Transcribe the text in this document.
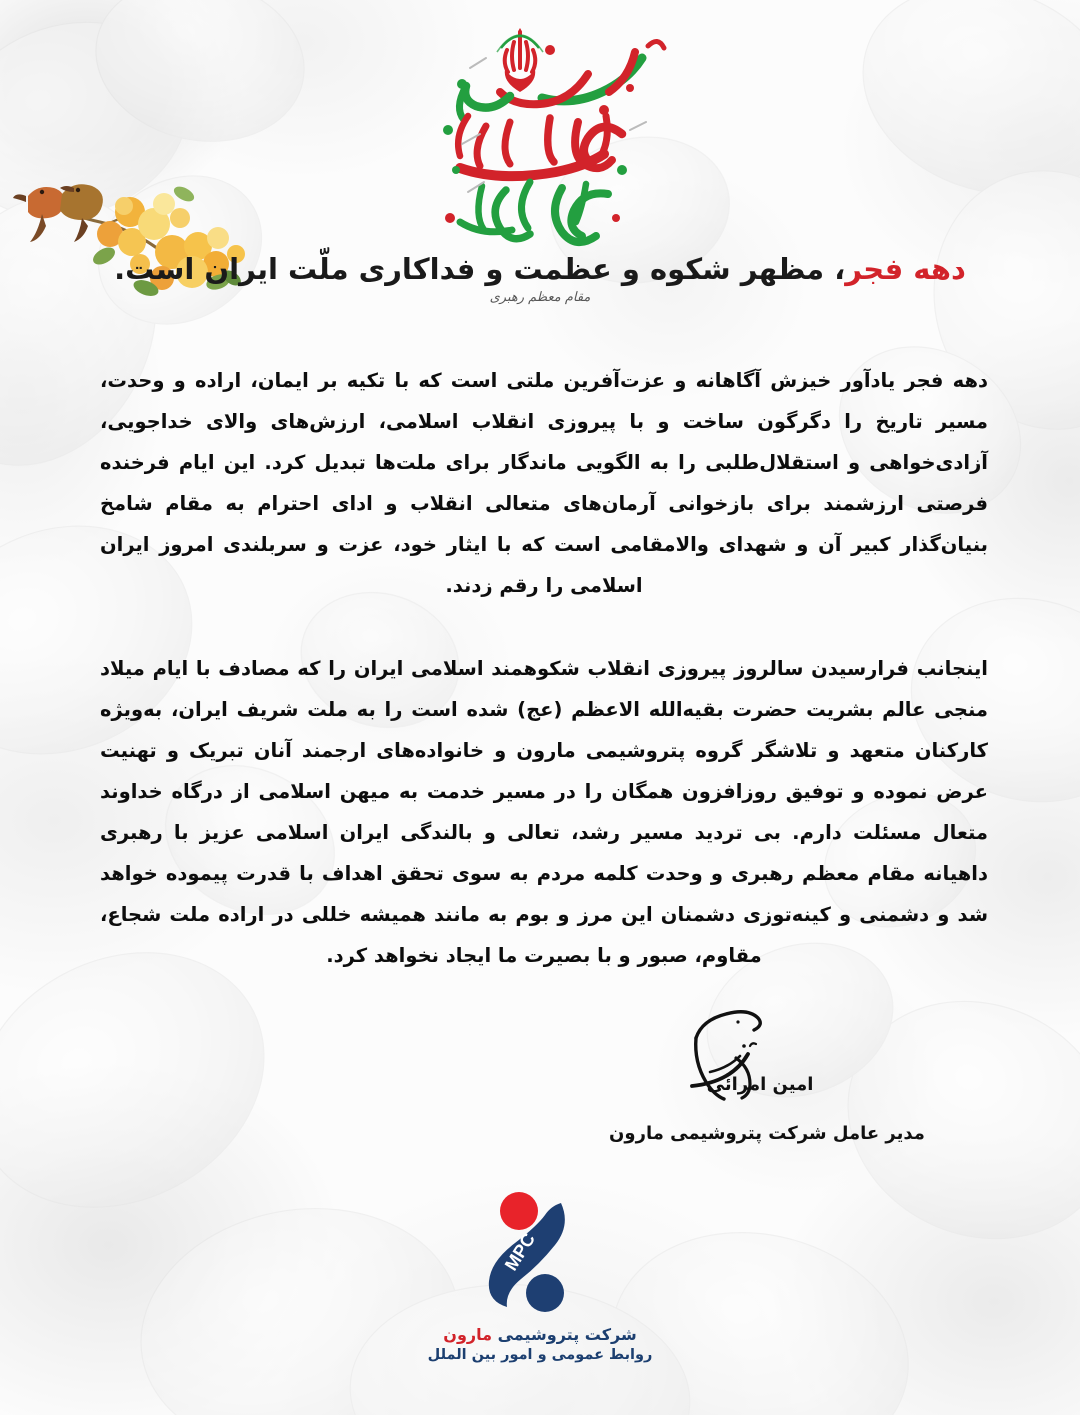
دهه فجر، مظهر شکوه و عظمت و فداکاری ملّت ایران است.
مقام معظم رهبری

دهه فجر یادآور خیزش آگاهانه و عزت‌آفرین ملتی است که با تکیه بر ایمان، اراده و وحدت، مسیر تاریخ را دگرگون ساخت و با پیروزی انقلاب اسلامی، ارزش‌های والای خداجویی، آزادی‌خواهی و استقلال‌طلبی را به الگویی ماندگار برای ملت‌ها تبدیل کرد. این ایام فرخنده فرصتی ارزشمند برای بازخوانی آرمان‌های متعالی انقلاب و ادای احترام به مقام شامخ بنیان‌گذار کبیر آن و شهدای والامقامی است که با ایثار خود، عزت و سربلندی امروز ایران اسلامی را رقم زدند.

اینجانب فرارسیدن سالروز پیروزی انقلاب شکوهمند اسلامی ایران را که مصادف با ایام میلاد منجی عالم بشریت حضرت بقیه‌الله الاعظم (عج) شده است را به ملت شریف ایران، به‌ویژه کارکنان متعهد و تلاشگر گروه پتروشیمی مارون و خانواده‌های ارجمند آنان تبریک و تهنیت عرض نموده و توفیق روزافزون همگان را در مسیر خدمت به میهن اسلامی از درگاه خداوند متعال مسئلت دارم. بی تردید مسیر رشد، تعالی و بالندگی ایران اسلامی عزیز با رهبری داهیانه مقام معظم رهبری و وحدت کلمه مردم به سوی تحقق اهداف با قدرت پیموده خواهد شد و دشمنی و کینه‌توزی دشمنان این مرز و بوم به مانند همیشه خللی در اراده ملت شجاع، مقاوم، صبور و با بصیرت ما ایجاد نخواهد کرد.

امین امرائی
مدیر عامل شرکت پتروشیمی مارون
MPC
شرکت پتروشیمی مارون
روابط عمومی و امور بین الملل
